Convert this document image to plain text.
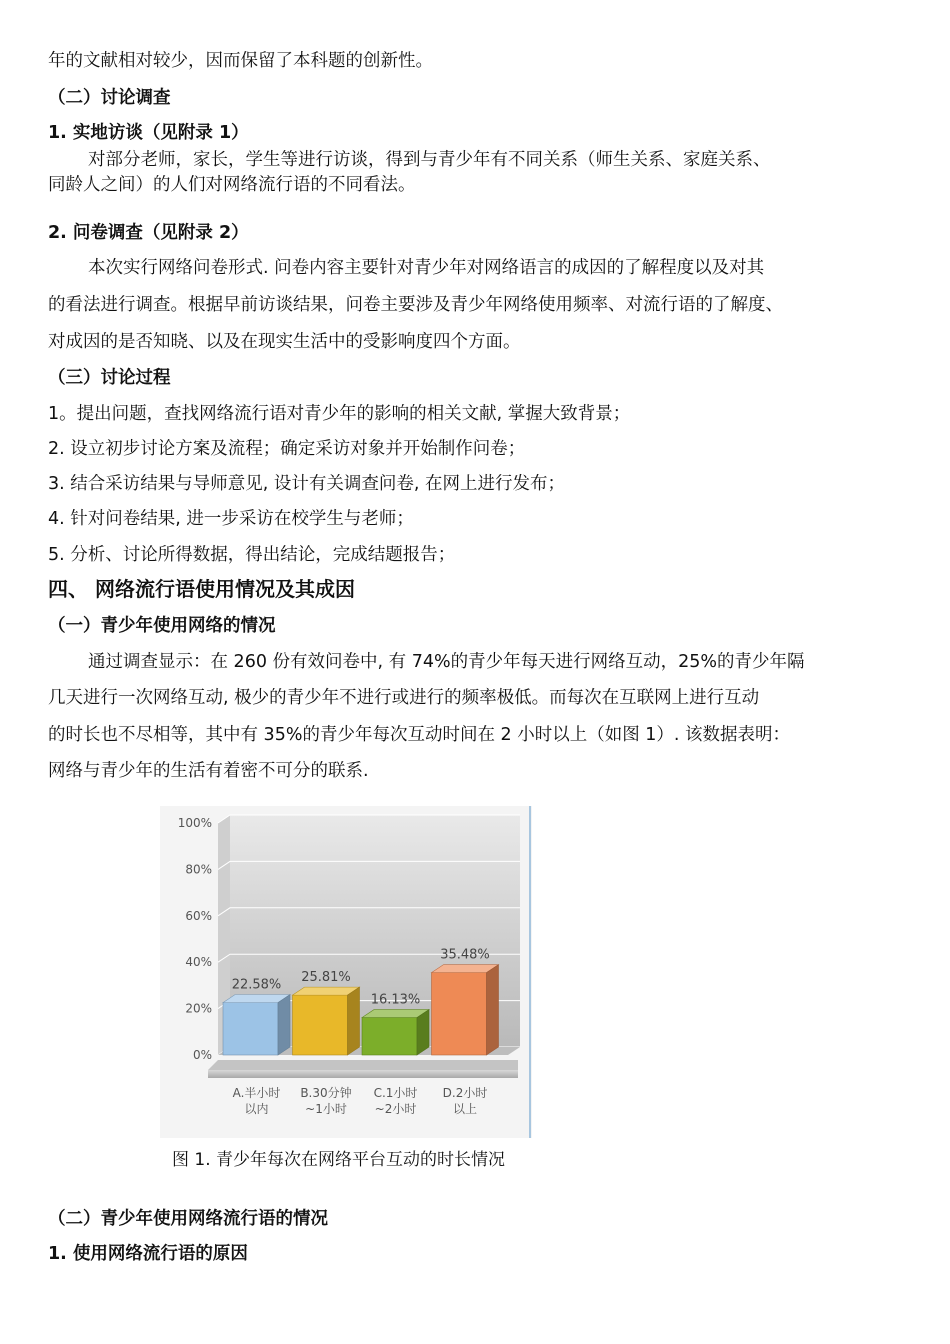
年的文献相对较少，因而保留了本科题的创新性。
（二）讨论调查
1. 实地访谈（见附录 1）
对部分老师，家长，学生等进行访谈，得到与青少年有不同关系（师生关系、家庭关系、
同龄人之间）的人们对网络流行语的不同看法。
2. 问卷调查（见附录 2）
本次实行网络问卷形式. 问卷内容主要针对青少年对网络语言的成因的了解程度以及对其
的看法进行调查。根据早前访谈结果，问卷主要涉及青少年网络使用频率、对流行语的了解度、
对成因的是否知晓、以及在现实生活中的受影响度四个方面。
（三）讨论过程
1。提出问题，查找网络流行语对青少年的影响的相关文献, 掌握大致背景；
2. 设立初步讨论方案及流程；确定采访对象并开始制作问卷；
3. 结合采访结果与导师意见, 设计有关调查问卷, 在网上进行发布；
4. 针对问卷结果, 进一步采访在校学生与老师；
5. 分析、讨论所得数据，得出结论，完成结题报告；
四、 网络流行语使用情况及其成因
（一）青少年使用网络的情况
通过调查显示：在 260 份有效问卷中, 有 74%的青少年每天进行网络互动，25%的青少年隔
几天进行一次网络互动, 极少的青少年不进行或进行的频率极低。而每次在互联网上进行互动
的时长也不尽相等，其中有 35%的青少年每次互动时间在 2 小时以上（如图 1）. 该数据表明：
网络与青少年的生活有着密不可分的联系.
0%
20%
40%
60%
80%
100%
22.58%
A.半小时
以内
25.81%
B.30分钟
~1小时
16.13%
C.1小时
~2小时
35.48%
D.2小时
以上
图 1. 青少年每次在网络平台互动的时长情况
（二）青少年使用网络流行语的情况
1. 使用网络流行语的原因
